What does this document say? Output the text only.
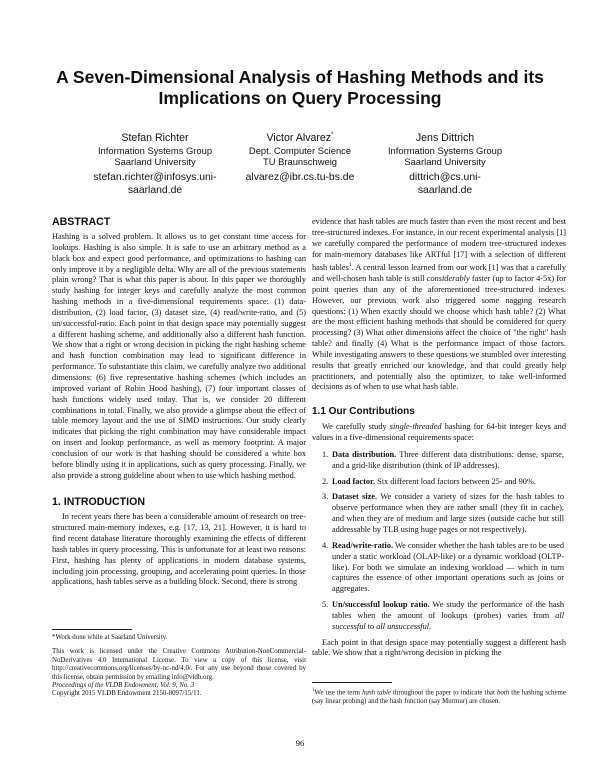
A Seven-Dimensional Analysis of Hashing Methods and its Implications on Query Processing
Stefan Richter
Information Systems Group
Saarland University
stefan.richter@infosys.uni-
saarland.de
Victor Alvarez*
Dept. Computer Science
TU Braunschweig
alvarez@ibr.cs.tu-bs.de
Jens Dittrich
Information Systems Group
Saarland University
dittrich@cs.uni-
saarland.de
ABSTRACT

Hashing is a solved problem. It allows us to get constant time access for lookups. Hashing is also simple. It is safe to use an arbitrary method as a black box and expect good performance, and optimizations to hashing can only improve it by a negligible delta. Why are all of the previous statements plain wrong? That is what this paper is about. In this paper we thoroughly study hashing for integer keys and carefully analyze the most common hashing methods in a five-dimensional requirements space: (1) data-distribution, (2) load factor, (3) dataset size, (4) read/write-ratio, and (5) un/successful-ratio. Each point in that design space may potentially suggest a different hashing scheme, and additionally also a different hash function. We show that a right or wrong decision in picking the right hashing scheme and hash function combination may lead to significant difference in performance. To substantiate this claim, we carefully analyze two additional dimensions: (6) five representative hashing schemes (which includes an improved variant of Robin Hood hashing), (7) four important classes of hash functions widely used today. That is, we consider 20 different combinations in total. Finally, we also provide a glimpse about the effect of table memory layout and the use of SIMD instructions. Our study clearly indicates that picking the right combination may have considerable impact on insert and lookup performance, as well as memory footprint. A major conclusion of our work is that hashing should be considered a white box before blindly using it in applications, such as query processing. Finally, we also provide a strong guideline about when to use which hashing method.

1. INTRODUCTION

In recent years there has been a considerable amount of research on tree-structured main-memory indexes, e.g. [17, 13, 21]. However, it is hard to find recent database literature thoroughly examining the effects of different hash tables in query processing. This is unfortunate for at least two reasons: First, hashing has plenty of applications in modern database systems, including join processing, grouping, and accelerating point queries. In those applications, hash tables serve as a building block. Second, there is strong

*Work done while at Saarland University.

This work is licensed under the Creative Commons Attribution-NonCommercial-NoDerivatives 4.0 International License. To view a copy of this license, visit http://creativecommons.org/licenses/by-nc-nd/4.0/. For any use beyond those covered by this license, obtain permission by emailing info@vldb.org.

Proceedings of the VLDB Endowment, Vol. 9, No. 3

Copyright 2015 VLDB Endowment 2150-8097/15/11.

evidence that hash tables are much faster than even the most recent and best tree-structured indexes. For instance, in our recent experimental analysis [1] we carefully compared the performance of modern tree-structured indexes for main-memory databases like ARTful [17] with a selection of different hash tables$^1$. A central lesson learned from our work [1] was that a carefully and well-chosen hash table is still considerably faster (up to factor 4-5x) for point queries than any of the aforementioned tree-structured indexes. However, our previous work also triggered some nagging research questions: (1) When exactly should we choose which hash table? (2) What are the most efficient hashing methods that should be considered for query processing? (3) What other dimensions affect the choice of "the right" hash table? and finally (4) What is the performance impact of those factors. While investigating answers to these questions we stumbled over interesting results that greatly enriched our knowledge, and that could greatly help practitioners, and potentially also the optimizer, to take well-informed decisions as of when to use what hash table.

1.1 Our Contributions

We carefully study single-threaded hashing for 64-bit integer keys and values in a five-dimensional requirements space:

1. Data distribution. Three different data distributions: dense, sparse, and a grid-like distribution (think of IP addresses).
2. Load factor. Six different load factors between 25- and 90%.
3. Dataset size. We consider a variety of sizes for the hash tables to observe performance when they are rather small (they fit in cache), and when they are of medium and large sizes (outside cache but still addressable by TLB using huge pages or not respectively).
4. Read/write-ratio. We consider whether the hash tables are to be used under a static workload (OLAP-like) or a dynamic workload (OLTP-like). For both we simulate an indexing workload — which in turn captures the essence of other important operations such as joins or aggregates.
5. Un/successful lookup ratio. We study the performance of the hash tables when the amount of lookups (probes) varies from all successful to all unsuccessful.

Each point in that design space may potentially suggest a different hash table. We show that a right/wrong decision in picking the

$^1$We use the term hash table throughout the paper to indicate that both the hashing scheme (say linear probing) and the hash function (say Murmur) are chosen.

96
